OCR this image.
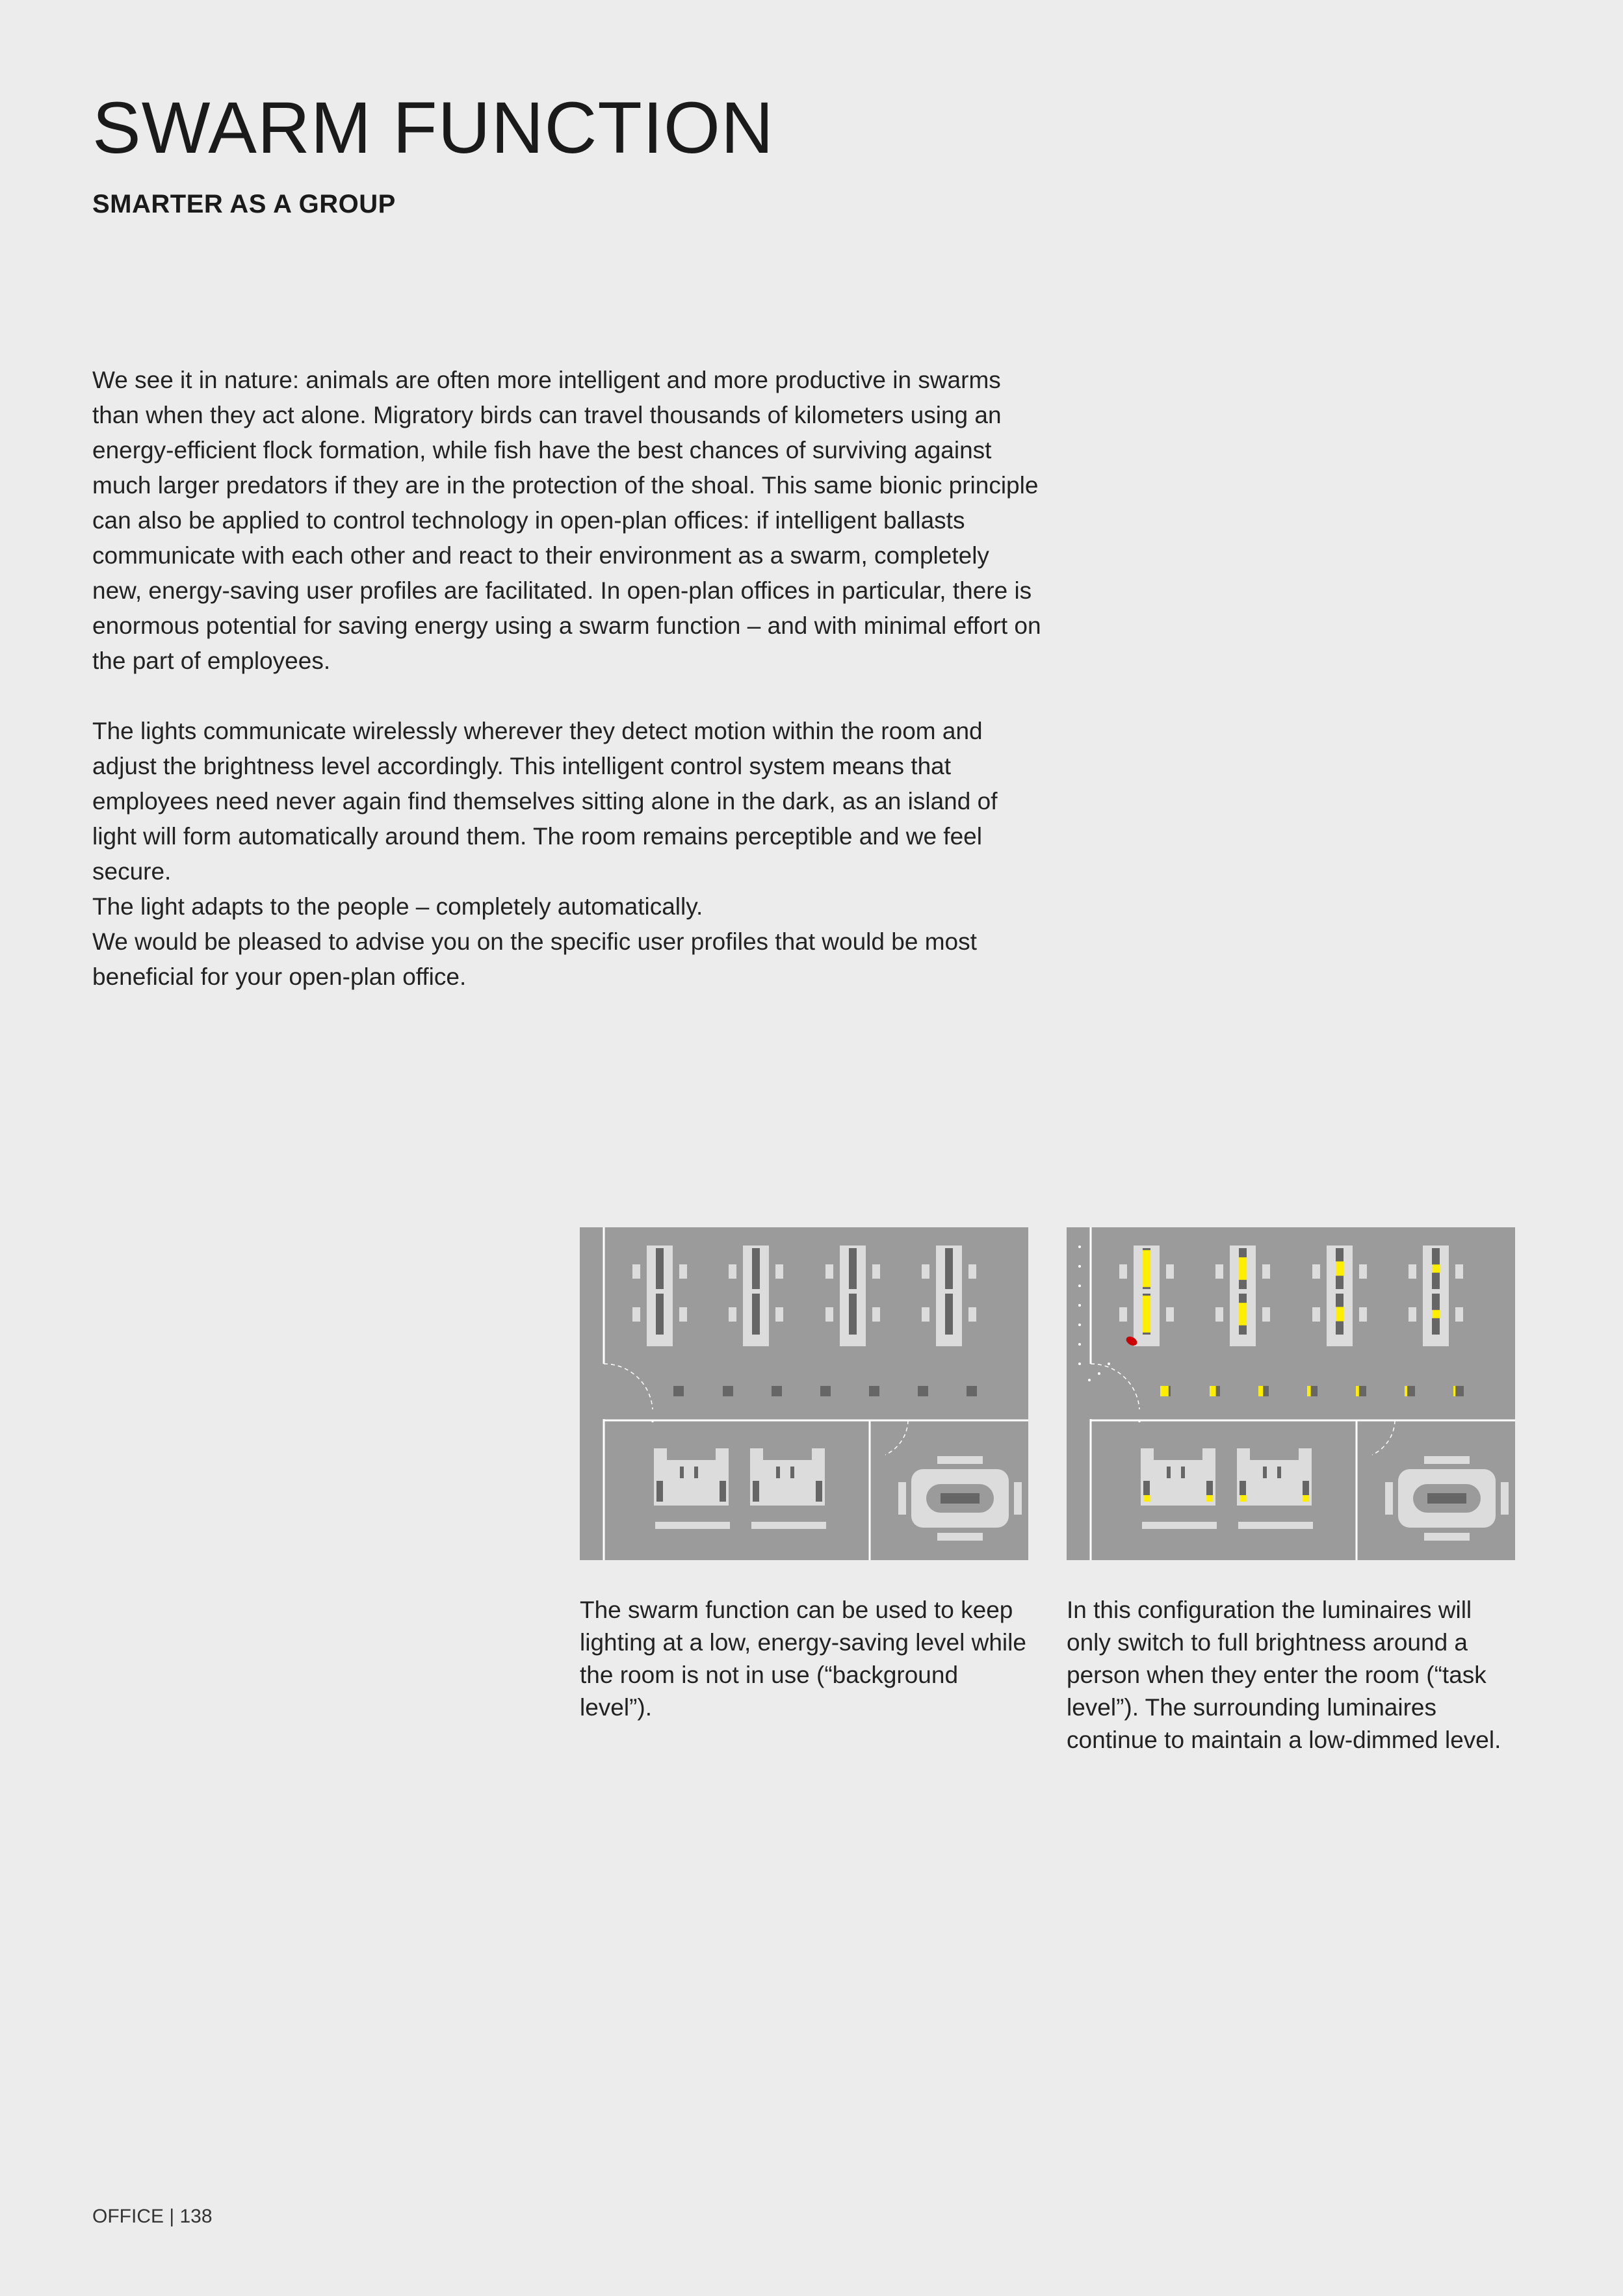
SWARM FUNCTION
SMARTER AS A GROUP

We see it in nature: animals are often more intelligent and more productive in swarms than when they act alone. Migratory birds can travel thousands of kilometers using an energy-efficient flock formation, while fish have the best chances of surviving against much larger predators if they are in the protection of the shoal. This same bionic principle can also be applied to control technology in open-plan offices: if intelligent ballasts communicate with each other and react to their environment as a swarm, completely new, energy-saving user profiles are facilitated. In open-plan offices in particular, there is enormous potential for saving energy using a swarm function – and with minimal effort on the part of employees.

The lights communicate wirelessly wherever they detect motion within the room and adjust the brightness level accordingly. This intelligent control system means that employees need never again find themselves sitting alone in the dark, as an island of light will form automatically around them. The room remains perceptible and we feel secure.

The light adapts to the people – completely automatically.

We would be pleased to advise you on the specific user profiles that would be most beneficial for your open-plan office.

The swarm function can be used to keep lighting at a low, energy-saving level while the room is not in use (“background level”).
In this configuration the luminaires will only switch to full brightness around a person when they enter the room (“task level”). The surrounding luminaires continue to maintain a low-dimmed level.
OFFICE | 138
